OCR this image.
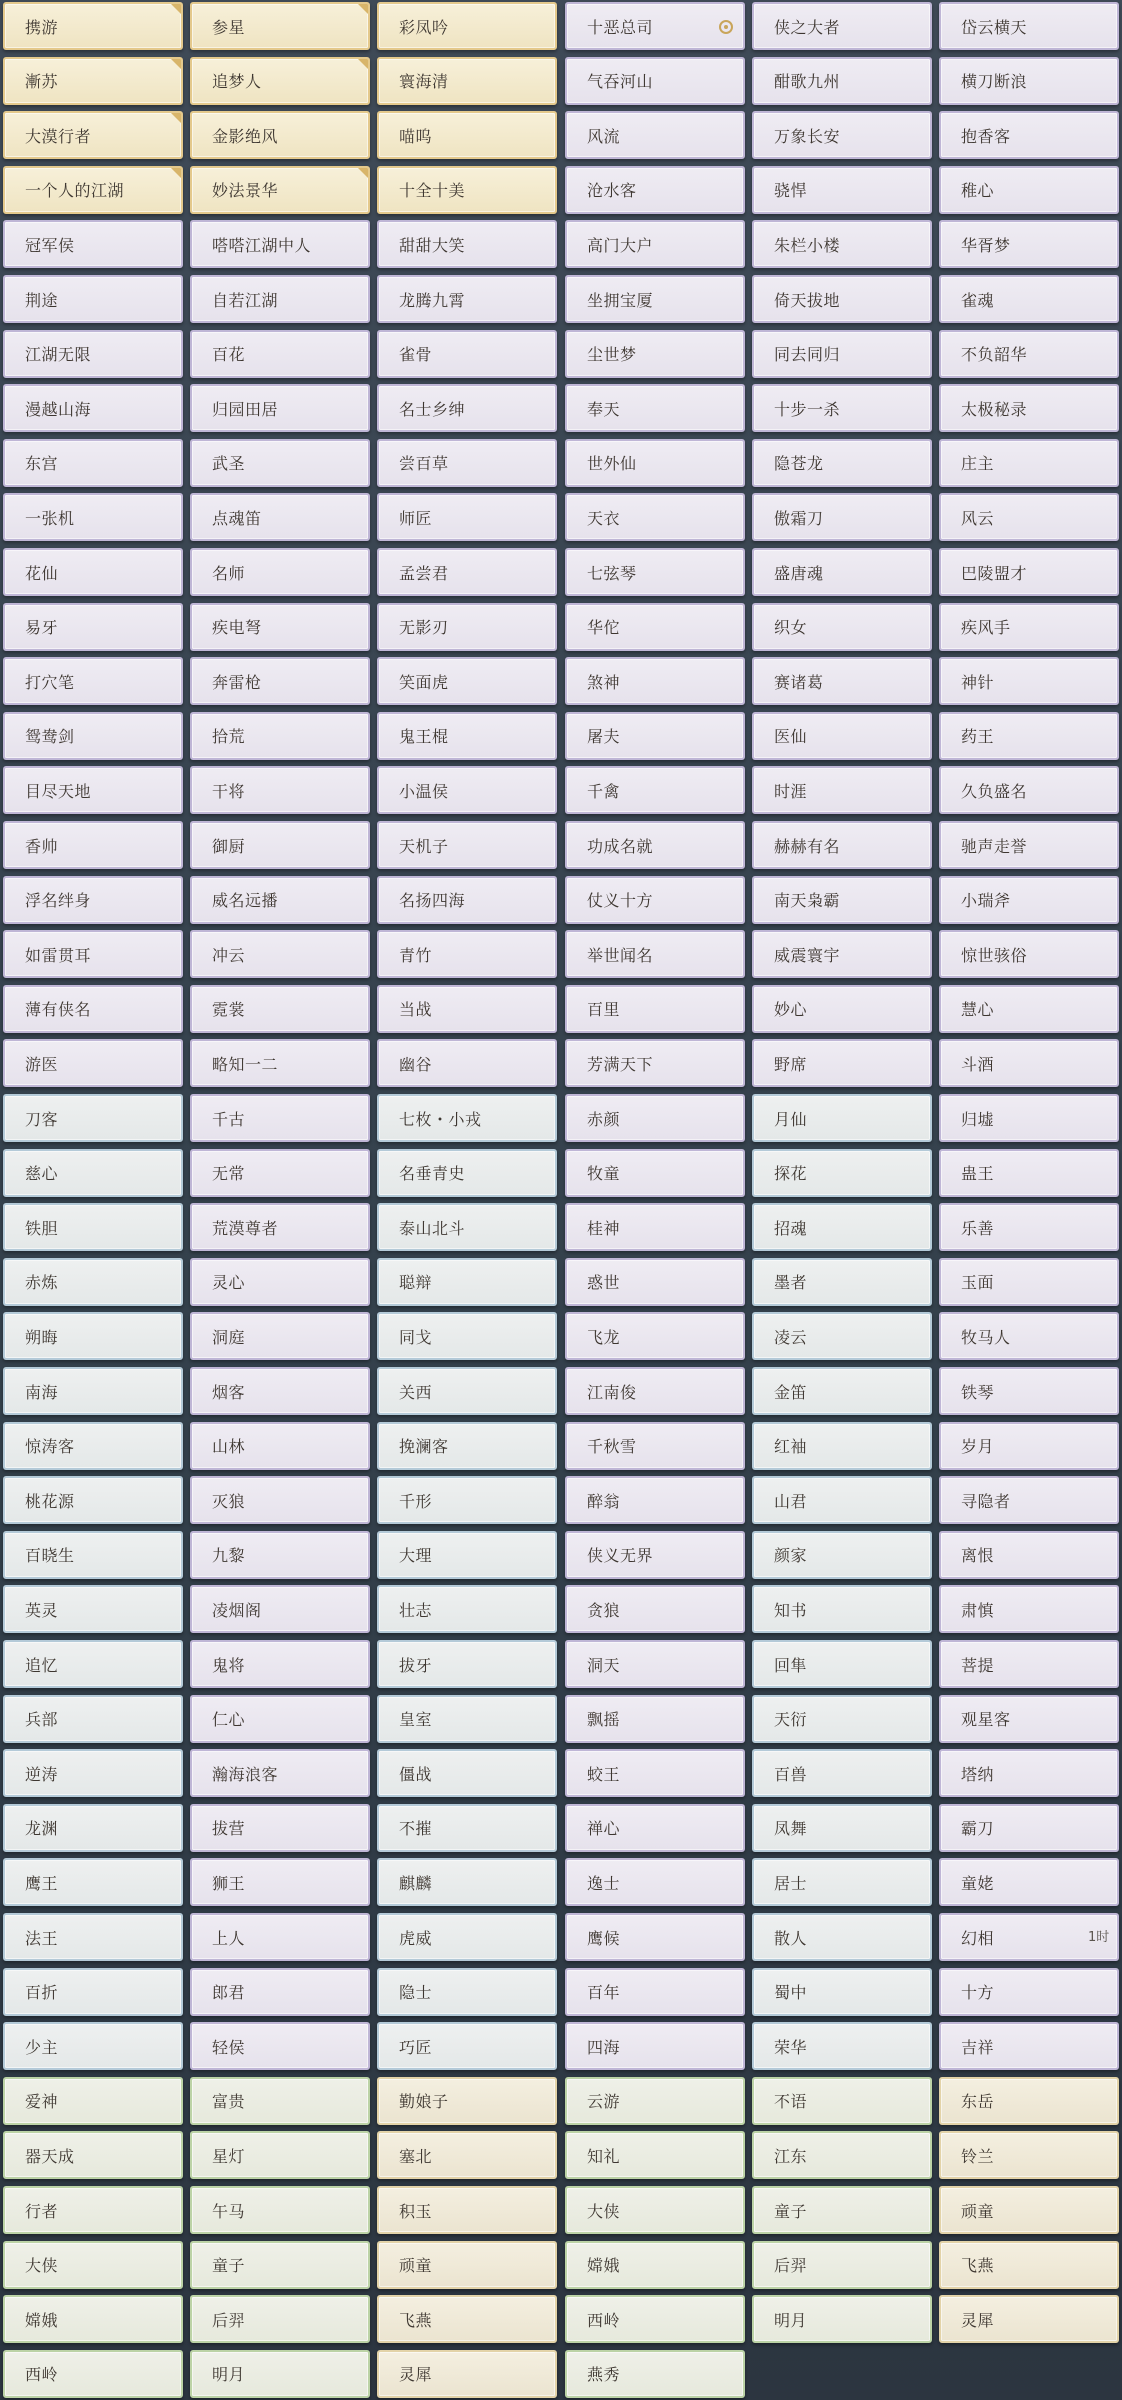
携游	参星	彩凤吟	十恶总司	侠之大者	岱云横天
漸苏	追梦人	寰海清	气吞河山	酣歌九州	横刀断浪
大漠行者	金影绝风	喵呜	风流	万象长安	抱香客
一个人的江湖	妙法景华	十全十美	沧水客	骁悍	稚心
冠军侯	嗒嗒江湖中人	甜甜大笑	高门大户	朱栏小楼	华胥梦
荆途	自若江湖	龙腾九霄	坐拥宝厦	倚天拔地	雀魂
江湖无限	百花	雀骨	尘世梦	同去同归	不负韶华
漫越山海	归园田居	名士乡绅	奉天	十步一杀	太极秘录
东宫	武圣	尝百草	世外仙	隐苍龙	庄主
一张机	点魂笛	师匠	天衣	傲霜刀	风云
花仙	名师	孟尝君	七弦琴	盛唐魂	巴陵盟才
易牙	疾电弩	无影刃	华佗	织女	疾风手
打穴笔	奔雷枪	笑面虎	煞神	赛诸葛	神针
鸳鸯剑	拾荒	鬼王棍	屠夫	医仙	药王
目尽天地	干将	小温侯	千禽	时涯	久负盛名
香帅	御厨	天机子	功成名就	赫赫有名	驰声走誉
浮名绊身	威名远播	名扬四海	仗义十方	南天枭霸	小瑞斧
如雷贯耳	冲云	青竹	举世闻名	威震寰宇	惊世骇俗
薄有侠名	霓裳	当战	百里	妙心	慧心
游医	略知一二	幽谷	芳满天下	野席	斗酒
刀客	千古	七枚・小戎	赤颜	月仙	归墟
慈心	无常	名垂青史	牧童	探花	蛊王
铁胆	荒漠尊者	泰山北斗	桂神	招魂	乐善
赤炼	灵心	聪辩	惑世	墨者	玉面
朔晦	洞庭	同戈	飞龙	凌云	牧马人
南海	烟客	关西	江南俊	金笛	铁琴
惊涛客	山林	挽澜客	千秋雪	红袖	岁月
桃花源	灭狼	千形	醉翁	山君	寻隐者
百晓生	九黎	大理	侠义无界	颜家	离恨
英灵	凌烟阁	壮志	贪狼	知书	肃慎
追忆	鬼将	拔牙	洞天	回隼	菩提
兵部	仁心	皇室	飘摇	天衍	观星客
逆涛	瀚海浪客	僵战	蛟王	百兽	塔纳
龙渊	拔营	不摧	禅心	凤舞	霸刀
鹰王	狮王	麒麟	逸士	居士	童姥
法王	上人	虎威	鹰候	散人	幻相
百折	郎君	隐士	百年	蜀中	十方
少主	轻侯	巧匠	四海	荣华	吉祥
爱神	富贵	勤娘子	云游	不语	东岳
器天成	星灯	塞北	知礼	江东	铃兰
行者	午马	积玉	大侠	童子	顽童
大侠	童子	顽童	嫦娥	后羿	飞燕
嫦娥	后羿	飞燕	西岭	明月	灵犀
西岭	明月	灵犀	燕秀
1时
